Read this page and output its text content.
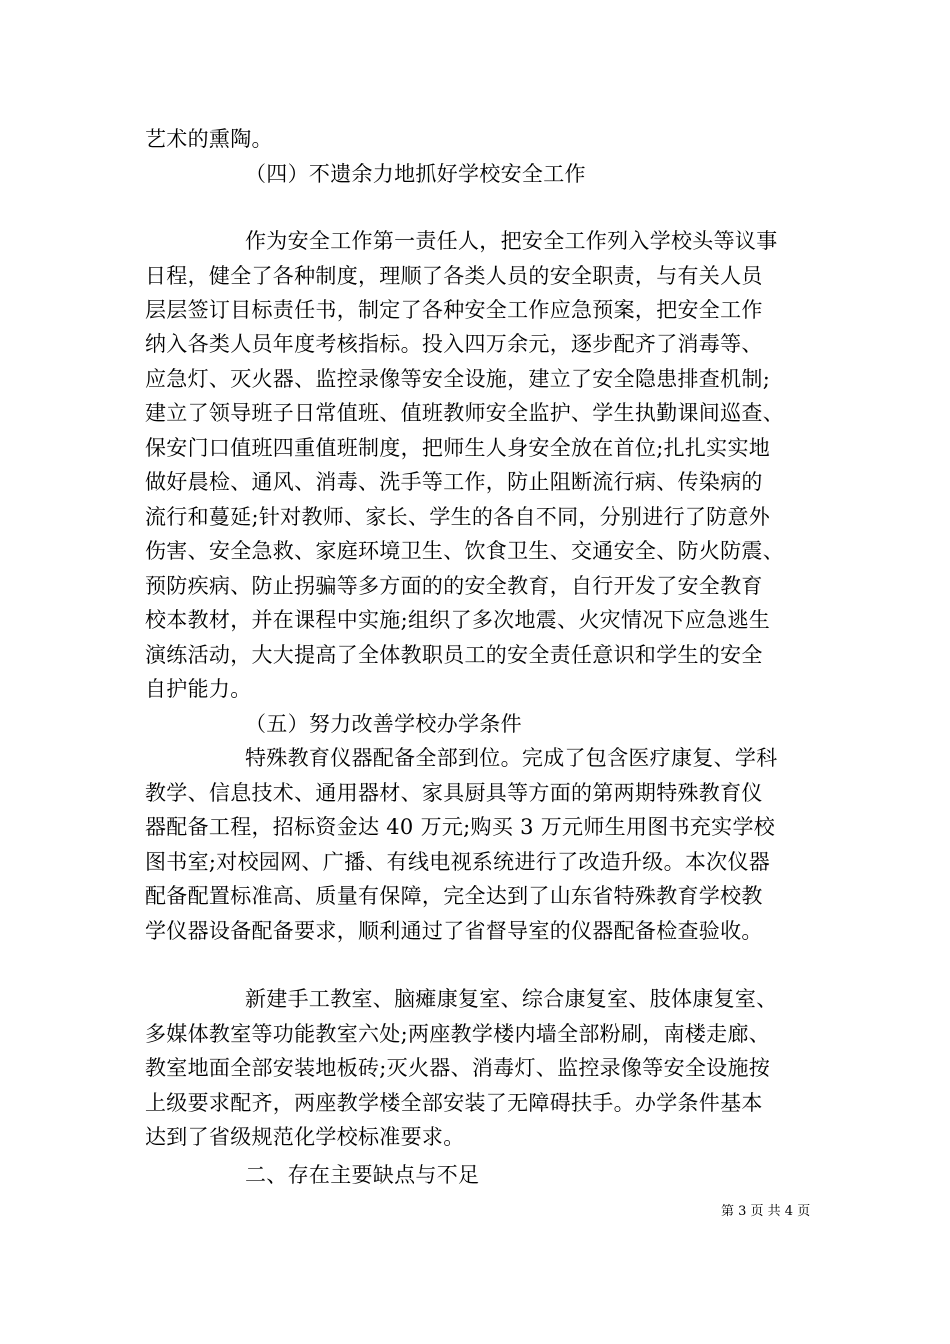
艺术的熏陶。
（四）不遗余力地抓好学校安全工作
作为安全工作第一责任人，把安全工作列入学校头等议事
日程，健全了各种制度，理顺了各类人员的安全职责，与有关人员
层层签订目标责任书，制定了各种安全工作应急预案，把安全工作
纳入各类人员年度考核指标。投入四万余元，逐步配齐了消毒等、
应急灯、灭火器、监控录像等安全设施，建立了安全隐患排查机制;
建立了领导班子日常值班、值班教师安全监护、学生执勤课间巡查、
保安门口值班四重值班制度，把师生人身安全放在首位;扎扎实实地
做好晨检、通风、消毒、洗手等工作，防止阻断流行病、传染病的
流行和蔓延;针对教师、家长、学生的各自不同，分别进行了防意外
伤害、安全急救、家庭环境卫生、饮食卫生、交通安全、防火防震、
预防疾病、防止拐骗等多方面的的安全教育，自行开发了安全教育
校本教材，并在课程中实施;组织了多次地震、火灾情况下应急逃生
演练活动，大大提高了全体教职员工的安全责任意识和学生的安全
自护能力。
（五）努力改善学校办学条件
特殊教育仪器配备全部到位。完成了包含医疗康复、学科
教学、信息技术、通用器材、家具厨具等方面的第两期特殊教育仪
器配备工程，招标资金达 40 万元;购买 3 万元师生用图书充实学校
图书室;对校园网、广播、有线电视系统进行了改造升级。本次仪器
配备配置标准高、质量有保障，完全达到了山东省特殊教育学校教
学仪器设备配备要求，顺利通过了省督导室的仪器配备检查验收。
新建手工教室、脑瘫康复室、综合康复室、肢体康复室、
多媒体教室等功能教室六处;两座教学楼内墙全部粉刷，南楼走廊、
教室地面全部安装地板砖;灭火器、消毒灯、监控录像等安全设施按
上级要求配齐，两座教学楼全部安装了无障碍扶手。办学条件基本
达到了省级规范化学校标准要求。
二、存在主要缺点与不足
第 3 页 共 4 页
